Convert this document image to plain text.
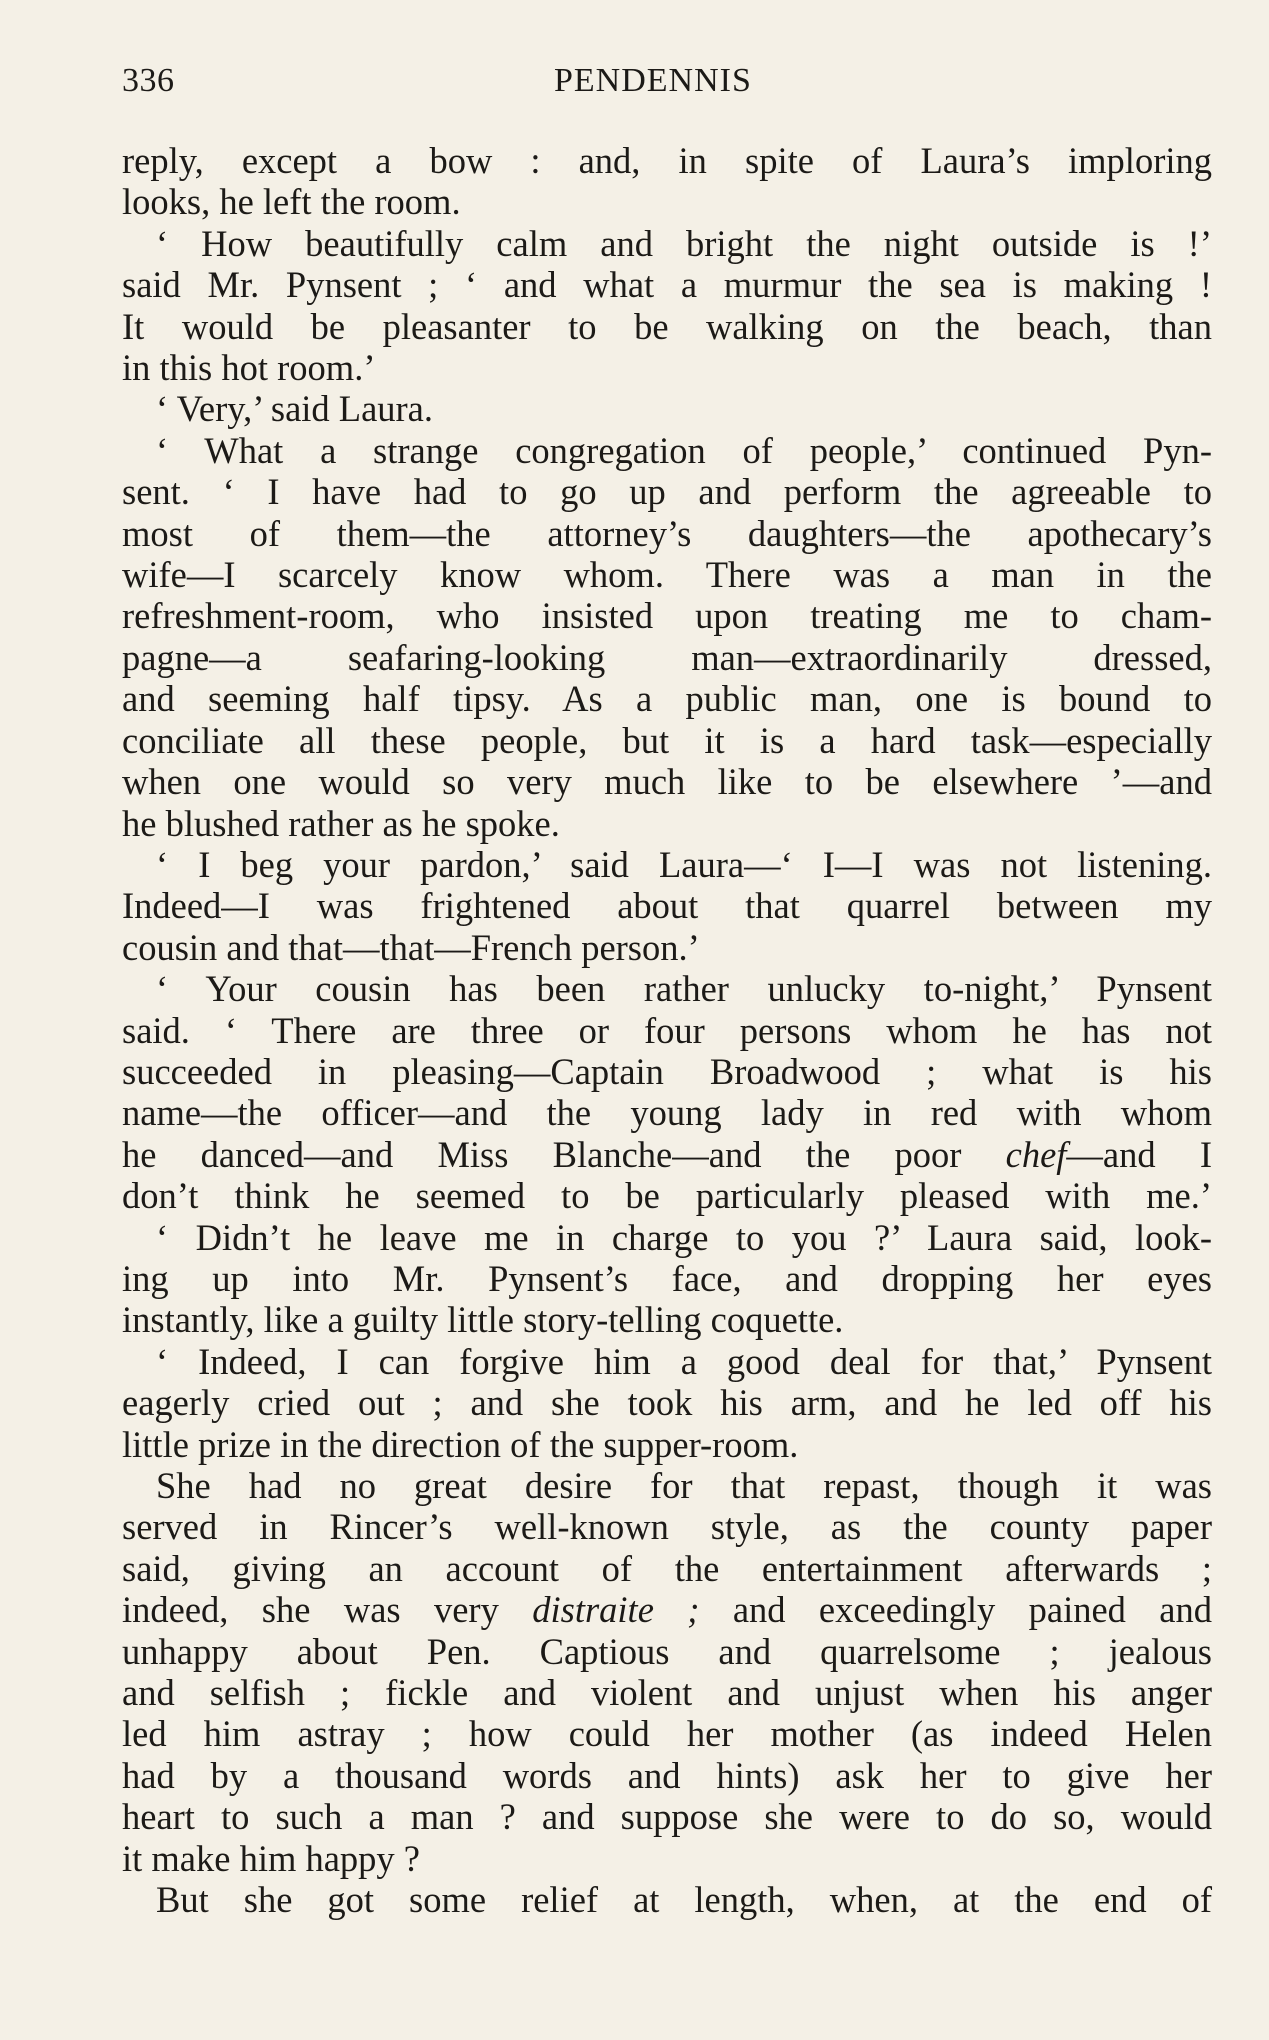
336	PENDENNIS

reply, except a bow : and, in spite of Laura’s imploring

looks, he left the room.

‘ How beautifully calm and bright the night outside is !’

said Mr. Pynsent ; ‘ and what a murmur the sea is making !

It would be pleasanter to be walking on the beach, than

in this hot room.’

‘ Very,’ said Laura.

‘ What a strange congregation of people,’ continued Pyn-

sent. ‘ I have had to go up and perform the agreeable to

most of them—the attorney’s daughters—the apothecary’s

wife—I scarcely know whom. There was a man in the

refreshment-room, who insisted upon treating me to cham-

pagne—a seafaring-looking man—extraordinarily dressed,

and seeming half tipsy. As a public man, one is bound to

conciliate all these people, but it is a hard task—especially

when one would so very much like to be elsewhere ’—and

he blushed rather as he spoke.

‘ I beg your pardon,’ said Laura—‘ I—I was not listening.

Indeed—I was frightened about that quarrel between my

cousin and that—that—French person.’

‘ Your cousin has been rather unlucky to-night,’ Pynsent

said. ‘ There are three or four persons whom he has not

succeeded in pleasing—Captain Broadwood ; what is his

name—the officer—and the young lady in red with whom

he danced—and Miss Blanche—and the poor chef—and I

don’t think he seemed to be particularly pleased with me.’

‘ Didn’t he leave me in charge to you ?’ Laura said, look-

ing up into Mr. Pynsent’s face, and dropping her eyes

instantly, like a guilty little story-telling coquette.

‘ Indeed, I can forgive him a good deal for that,’ Pynsent

eagerly cried out ; and she took his arm, and he led off his

little prize in the direction of the supper-room.

She had no great desire for that repast, though it was

served in Rincer’s well-known style, as the county paper

said, giving an account of the entertainment afterwards ;

indeed, she was very distraite ; and exceedingly pained and

unhappy about Pen. Captious and quarrelsome ; jealous

and selfish ; fickle and violent and unjust when his anger

led him astray ; how could her mother (as indeed Helen

had by a thousand words and hints) ask her to give her

heart to such a man ? and suppose she were to do so, would

it make him happy ?

But she got some relief at length, when, at the end of
